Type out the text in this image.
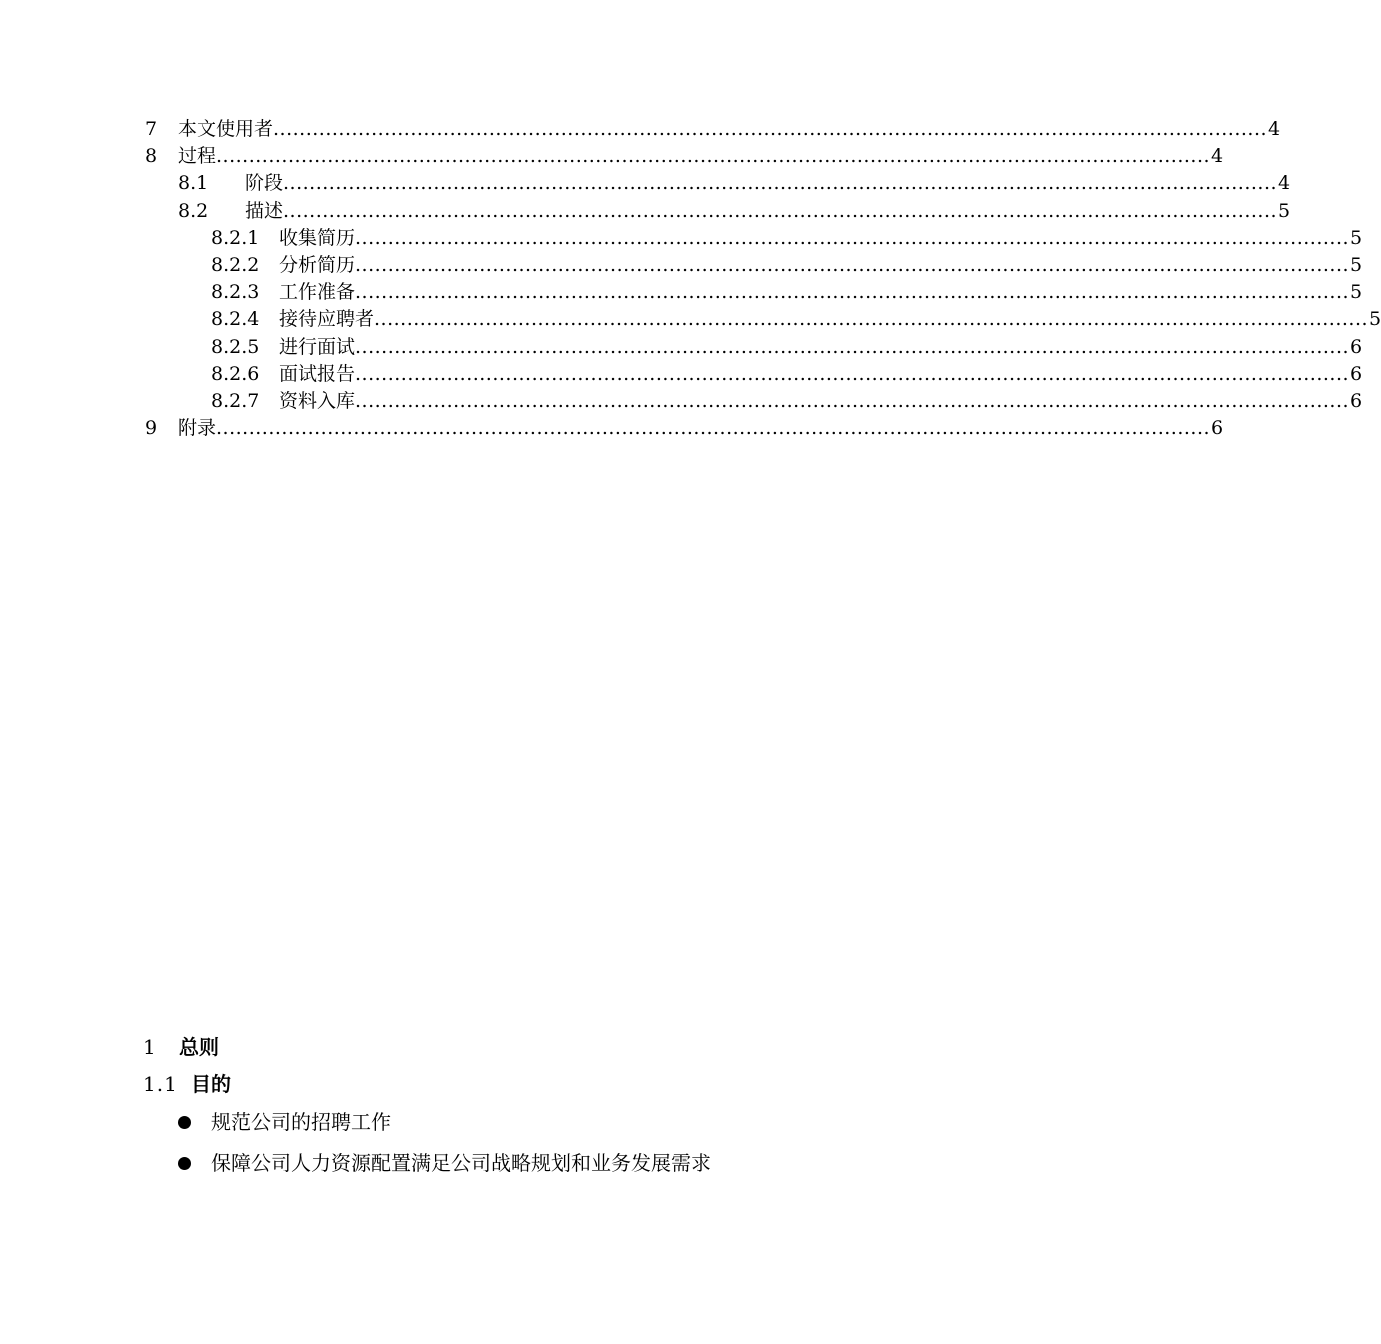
7 本文使用者 ........................................................................................................................................................ 4
8 过程 ........................................................................................................................................................ 4
8.1 阶段 ........................................................................................................................................................ 4
8.2 描述 ........................................................................................................................................................ 5
8.2.1 收集简历 ........................................................................................................................................................ 5
8.2.2 分析简历 ........................................................................................................................................................ 5
8.2.3 工作准备 ........................................................................................................................................................ 5
8.2.4 接待应聘者 ........................................................................................................................................................ 5
8.2.5 进行面试 ........................................................................................................................................................ 6
8.2.6 面试报告 ........................................................................................................................................................ 6
8.2.7 资料入库 ........................................................................................................................................................ 6
9 附录 ........................................................................................................................................................ 6
1 总则
1.1 目的
规范公司的招聘工作
保障公司人力资源配置满足公司战略规划和业务发展需求
